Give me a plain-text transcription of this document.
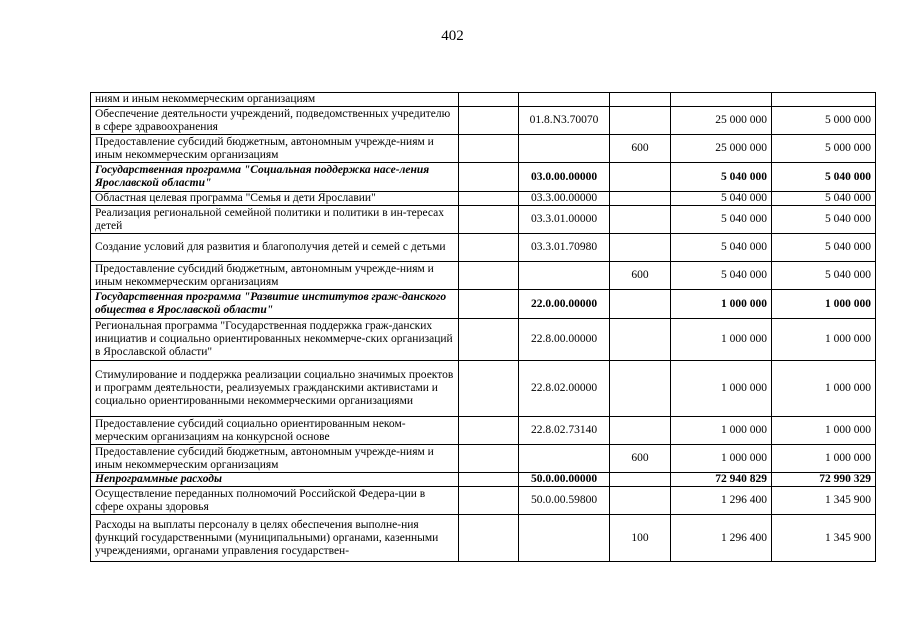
402
ниям и иным некоммерческим организациям					
Обеспечение деятельности учреждений, подведомственных учредителю в сфере здравоохранения		01.8.N3.70070		25 000 000	5 000 000
Предоставление субсидий бюджетным, автономным учрежде-ниям и иным некоммерческим организациям			600	25 000 000	5 000 000
Государственная программа "Социальная поддержка насе-ления Ярославской области"		03.0.00.00000		5 040 000	5 040 000
Областная целевая программа "Семья и дети Ярославии"		03.3.00.00000		5 040 000	5 040 000
Реализация региональной семейной политики и политики в ин-тересах детей		03.3.01.00000		5 040 000	5 040 000
Создание условий для развития и благополучия детей и семей с детьми		03.3.01.70980		5 040 000	5 040 000
Предоставление субсидий бюджетным, автономным учрежде-ниям и иным некоммерческим организациям			600	5 040 000	5 040 000
Государственная программа "Развитие институтов граж-данского общества в Ярославской области"		22.0.00.00000		1 000 000	1 000 000
Региональная программа "Государственная поддержка граж-данских инициатив и социально ориентированных некоммерче-ских организаций в Ярославской области"		22.8.00.00000		1 000 000	1 000 000
Стимулирование и поддержка реализации социально значимых проектов и программ деятельности, реализуемых гражданскими активистами и социально ориентированными некоммерческими организациями		22.8.02.00000		1 000 000	1 000 000
Предоставление субсидий социально ориентированным неком-мерческим организациям на конкурсной основе		22.8.02.73140		1 000 000	1 000 000
Предоставление субсидий бюджетным, автономным учрежде-ниям и иным некоммерческим организациям			600	1 000 000	1 000 000
Непрограммные расходы		50.0.00.00000		72 940 829	72 990 329
Осуществление переданных полномочий Российской Федера-ции в сфере охраны здоровья		50.0.00.59800		1 296 400	1 345 900
Расходы на выплаты персоналу в целях обеспечения выполне-ния функций государственными (муниципальными) органами, казенными учреждениями, органами управления государствен-			100	1 296 400	1 345 900
